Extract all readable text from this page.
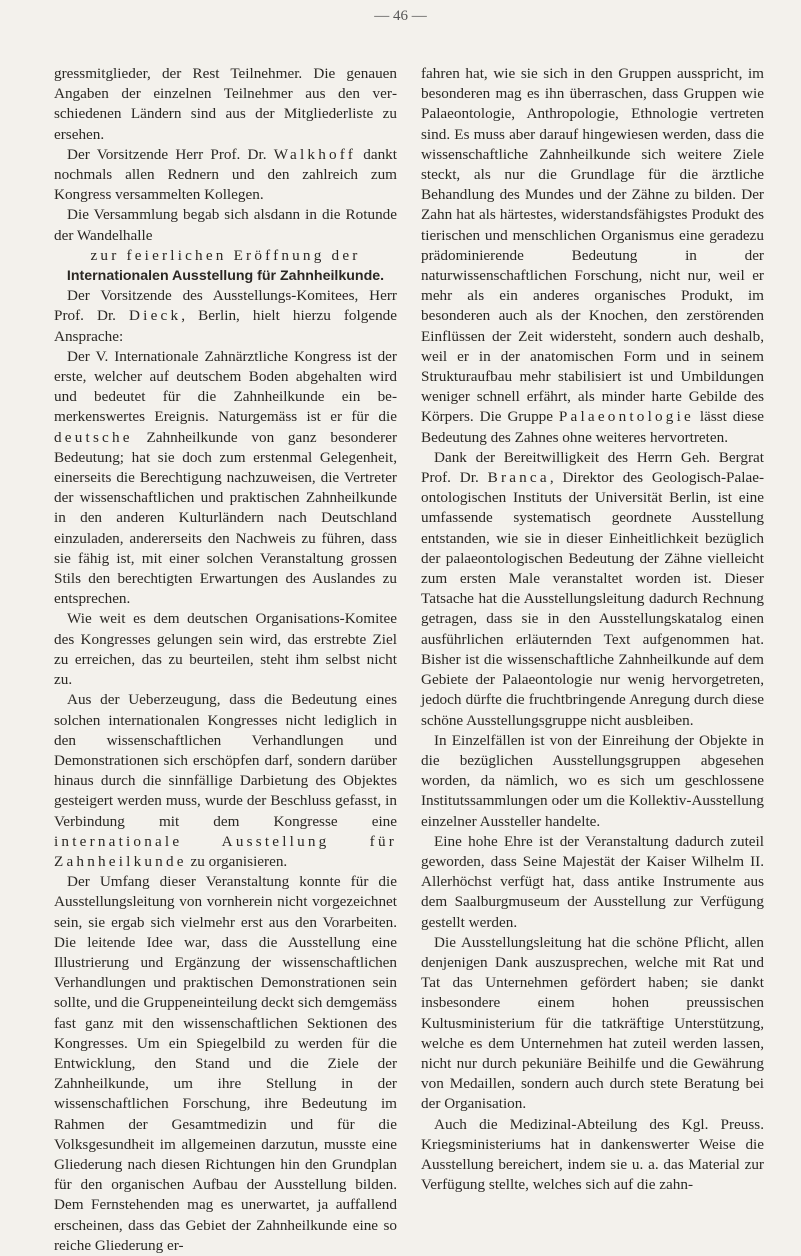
— 46 —

gressmitglieder, der Rest Teilnehmer. Die genauen Angaben der einzelnen Teilnehmer aus den verschiedenen Ländern sind aus der Mitgliederliste zu ersehen.

Der Vorsitzende Herr Prof. Dr. Walkhoff dankt nochmals allen Rednern und den zahlreich zum Kongress versammelten Kollegen.

Die Versammlung begab sich alsdann in die Rotunde der Wandelhalle

zur feierlichen Eröffnung der

Internationalen Ausstellung für Zahnheilkunde.

Der Vorsitzende des Ausstellungs-Komitees, Herr Prof. Dr. Dieck, Berlin, hielt hierzu folgende Ansprache:

Der V. Internationale Zahnärztliche Kongress ist der erste, welcher auf deutschem Boden abgehalten wird und bedeutet für die Zahnheilkunde ein bemerkenswertes Ereignis. Naturgemäss ist er für die deutsche Zahnheilkunde von ganz besonderer Bedeutung; hat sie doch zum erstenmal Gelegenheit, einerseits die Berechtigung nachzuweisen, die Vertreter der wissenschaftlichen und praktischen Zahnheilkunde in den anderen Kulturländern nach Deutschland einzuladen, andererseits den Nachweis zu führen, dass sie fähig ist, mit einer solchen Veranstaltung grossen Stils den berechtigten Erwartungen des Auslandes zu entsprechen.

Wie weit es dem deutschen Organisations-Komitee des Kongresses gelungen sein wird, das erstrebte Ziel zu erreichen, das zu beurteilen, steht ihm selbst nicht zu.

Aus der Ueberzeugung, dass die Bedeutung eines solchen internationalen Kongresses nicht lediglich in den wissenschaftlichen Verhandlungen und Demonstrationen sich erschöpfen darf, sondern darüber hinaus durch die sinnfällige Darbietung des Objektes gesteigert werden muss, wurde der Beschluss gefasst, in Verbindung mit dem Kongresse eine internationale Ausstellung für Zahnheilkunde zu organisieren.

Der Umfang dieser Veranstaltung konnte für die Ausstellungsleitung von vornherein nicht vorgezeichnet sein, sie ergab sich vielmehr erst aus den Vorarbeiten. Die leitende Idee war, dass die Ausstellung eine Illustrierung und Ergänzung der wissenschaftlichen Verhandlungen und praktischen Demonstrationen sein sollte, und die Gruppeneinteilung deckt sich demgemäss fast ganz mit den wissenschaftlichen Sektionen des Kongresses. Um ein Spiegelbild zu werden für die Entwicklung, den Stand und die Ziele der Zahnheilkunde, um ihre Stellung in der wissenschaftlichen Forschung, ihre Bedeutung im Rahmen der Gesamtmedizin und für die Volksgesundheit im allgemeinen darzutun, musste eine Gliederung nach diesen Richtungen hin den Grundplan für den organischen Aufbau der Ausstellung bilden. Dem Fernstehenden mag es unerwartet, ja auffallend erscheinen, dass das Gebiet der Zahnheilkunde eine so reiche Gliederung er-

fahren hat, wie sie sich in den Gruppen ausspricht, im besonderen mag es ihn überraschen, dass Gruppen wie Palaeontologie, Anthropologie, Ethnologie vertreten sind. Es muss aber darauf hingewiesen werden, dass die wissenschaftliche Zahnheilkunde sich weitere Ziele steckt, als nur die Grundlage für die ärztliche Behandlung des Mundes und der Zähne zu bilden. Der Zahn hat als härtestes, widerstandsfähigstes Produkt des tierischen und menschlichen Organismus eine geradezu prädominierende Bedeutung in der naturwissenschaftlichen Forschung, nicht nur, weil er mehr als ein anderes organisches Produkt, im besonderen auch als der Knochen, den zerstörenden Einflüssen der Zeit widersteht, sondern auch deshalb, weil er in der anatomischen Form und in seinem Strukturaufbau mehr stabilisiert ist und Umbildungen weniger schnell erfährt, als minder harte Gebilde des Körpers. Die Gruppe Palaeontologie lässt diese Bedeutung des Zahnes ohne weiteres hervortreten.

Dank der Bereitwilligkeit des Herrn Geh. Bergrat Prof. Dr. Branca, Direktor des Geologisch-Palaeontologischen Instituts der Universität Berlin, ist eine umfassende systematisch geordnete Ausstellung entstanden, wie sie in dieser Einheitlichkeit bezüglich der palaeontologischen Bedeutung der Zähne vielleicht zum ersten Male veranstaltet worden ist. Dieser Tatsache hat die Ausstellungsleitung dadurch Rechnung getragen, dass sie in den Ausstellungskatalog einen ausführlichen erläuternden Text aufgenommen hat. Bisher ist die wissenschaftliche Zahnheilkunde auf dem Gebiete der Palaeontologie nur wenig hervorgetreten, jedoch dürfte die fruchtbringende Anregung durch diese schöne Ausstellungsgruppe nicht ausbleiben.

In Einzelfällen ist von der Einreihung der Objekte in die bezüglichen Ausstellungsgruppen abgesehen worden, da nämlich, wo es sich um geschlossene Institutssammlungen oder um die Kollektiv-Ausstellung einzelner Aussteller handelte.

Eine hohe Ehre ist der Veranstaltung dadurch zuteil geworden, dass Seine Majestät der Kaiser Wilhelm II. Allerhöchst verfügt hat, dass antike Instrumente aus dem Saalburgmuseum der Ausstellung zur Verfügung gestellt werden.

Die Ausstellungsleitung hat die schöne Pflicht, allen denjenigen Dank auszusprechen, welche mit Rat und Tat das Unternehmen gefördert haben; sie dankt insbesondere einem hohen preussischen Kultusministerium für die tatkräftige Unterstützung, welche es dem Unternehmen hat zuteil werden lassen, nicht nur durch pekuniäre Beihilfe und die Gewährung von Medaillen, sondern auch durch stete Beratung bei der Organisation.

Auch die Medizinal-Abteilung des Kgl. Preuss. Kriegsministeriums hat in dankenswerter Weise die Ausstellung bereichert, indem sie u. a. das Material zur Verfügung stellte, welches sich auf die zahn-
